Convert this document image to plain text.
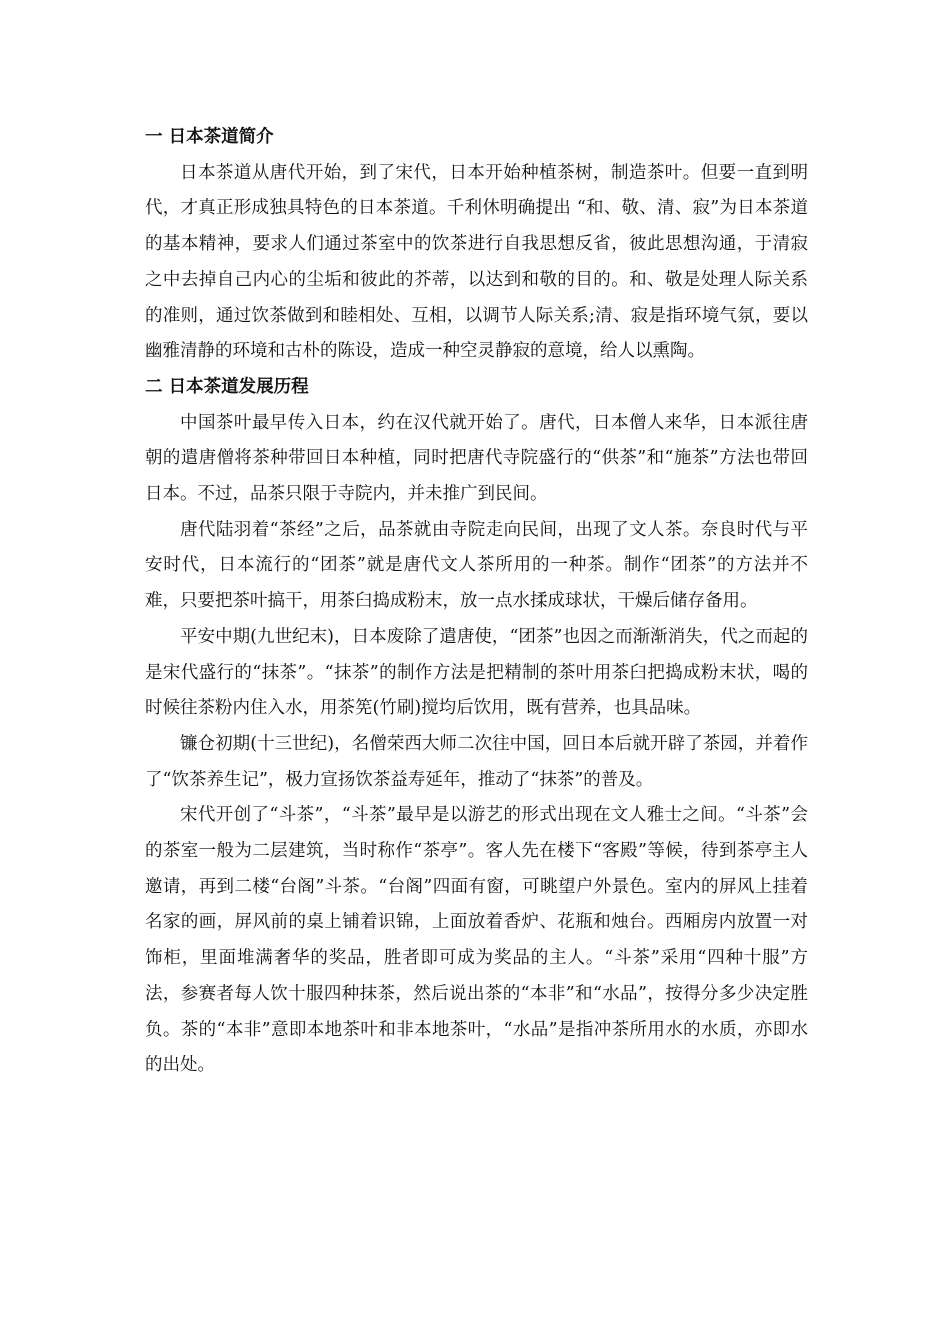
一 日本茶道简介

日本茶道从唐代开始，到了宋代，日本开始种植茶树，制造茶叶。但要一直到明代，才真正形成独具特色的日本茶道。千利休明确提出 “和、敬、清、寂”为日本茶道的基本精神，要求人们通过茶室中的饮茶进行自我思想反省，彼此思想沟通，于清寂之中去掉自己内心的尘垢和彼此的芥蒂，以达到和敬的目的。和、敬是处理人际关系的准则，通过饮茶做到和睦相处、互相，以调节人际关系;清、寂是指环境气氛，要以幽雅清静的环境和古朴的陈设，造成一种空灵静寂的意境，给人以熏陶。

二 日本茶道发展历程

中国茶叶最早传入日本，约在汉代就开始了。唐代，日本僧人来华，日本派往唐朝的遣唐僧将茶种带回日本种植，同时把唐代寺院盛行的“供茶”和“施茶”方法也带回日本。不过，品茶只限于寺院内，并未推广到民间。

唐代陆羽着“茶经”之后，品茶就由寺院走向民间，出现了文人茶。奈良时代与平安时代，日本流行的“团茶”就是唐代文人茶所用的一种茶。制作“团茶”的方法并不难，只要把茶叶搞干，用茶臼捣成粉末，放一点水揉成球状，干燥后储存备用。

平安中期(九世纪末)，日本废除了遣唐使，“团茶”也因之而渐渐消失，代之而起的是宋代盛行的“抹茶”。“抹茶”的制作方法是把精制的茶叶用茶臼把捣成粉末状，喝的时候往茶粉内住入水，用茶筅(竹刷)搅均后饮用，既有营养，也具品味。

镰仓初期(十三世纪)，名僧荣西大师二次往中国，回日本后就开辟了茶园，并着作了“饮茶养生记”，极力宣扬饮茶益寿延年，推动了“抹茶”的普及。

宋代开创了“斗茶”，“斗茶”最早是以游艺的形式出现在文人雅士之间。“斗茶”会的茶室一般为二层建筑，当时称作“茶亭”。客人先在楼下“客殿”等候，待到茶亭主人邀请，再到二楼“台阁”斗茶。“台阁”四面有窗，可眺望户外景色。室内的屏风上挂着名家的画，屏风前的桌上铺着识锦，上面放着香炉、花瓶和烛台。西厢房内放置一对饰柜，里面堆满奢华的奖品，胜者即可成为奖品的主人。“斗茶”采用“四种十服”方法，参赛者每人饮十服四种抹茶，然后说出茶的“本非”和“水品”，按得分多少决定胜负。茶的“本非”意即本地茶叶和非本地茶叶，“水品”是指冲茶所用水的水质，亦即水的出处。
